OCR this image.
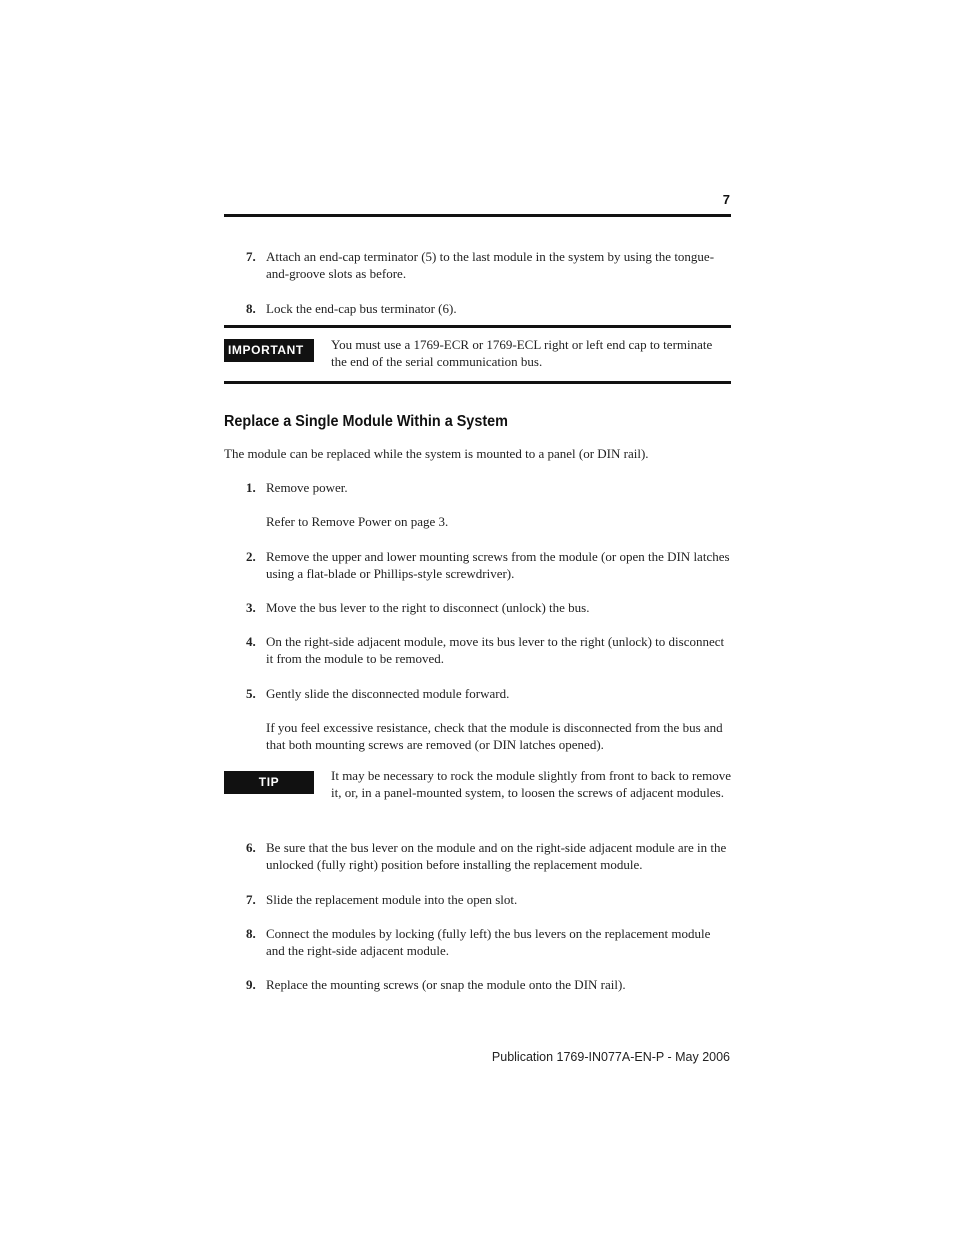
7
7. Attach an end-cap terminator (5) to the last module in the system by using the tongue-and-groove slots as before.
8. Lock the end-cap bus terminator (6).
IMPORTANT	You must use a 1769-ECR or 1769-ECL right or left end cap to terminate the end of the serial communication bus.
Replace a Single Module Within a System
The module can be replaced while the system is mounted to a panel (or DIN rail).
1. Remove power.
Refer to Remove Power on page 3.
2. Remove the upper and lower mounting screws from the module (or open the DIN latches using a flat-blade or Phillips-style screwdriver).
3. Move the bus lever to the right to disconnect (unlock) the bus.
4. On the right-side adjacent module, move its bus lever to the right (unlock) to disconnect it from the module to be removed.
5. Gently slide the disconnected module forward.
If you feel excessive resistance, check that the module is disconnected from the bus and that both mounting screws are removed (or DIN latches opened).
TIP	It may be necessary to rock the module slightly from front to back to remove it, or, in a panel-mounted system, to loosen the screws of adjacent modules.
6. Be sure that the bus lever on the module and on the right-side adjacent module are in the unlocked (fully right) position before installing the replacement module.
7. Slide the replacement module into the open slot.
8. Connect the modules by locking (fully left) the bus levers on the replacement module and the right-side adjacent module.
9. Replace the mounting screws (or snap the module onto the DIN rail).
Publication 1769-IN077A-EN-P - May 2006
